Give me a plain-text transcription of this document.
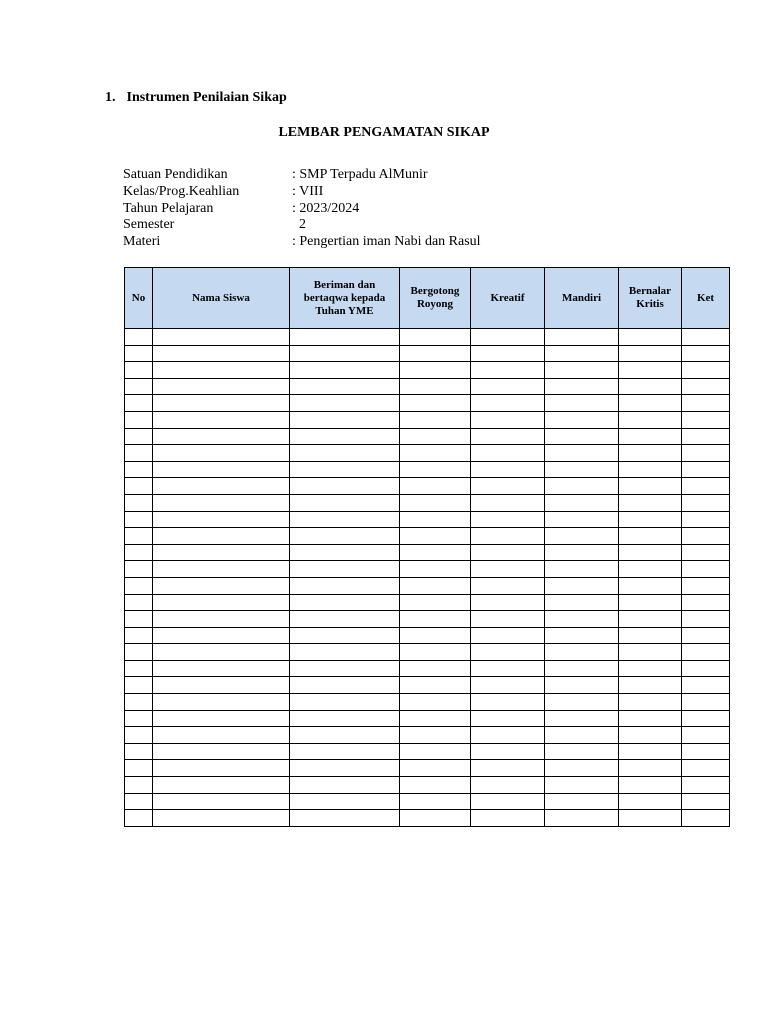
1. Instrumen Penilaian Sikap
LEMBAR PENGAMATAN SIKAP
Satuan Pendidikan	: SMP Terpadu AlMunir
Kelas/Prog.Keahlian	: VIII
Tahun Pelajaran	: 2023/2024
Semester	2
Materi	: Pengertian iman Nabi dan Rasul
No	Nama Siswa	Beriman dan bertaqwa kepada Tuhan YME	Bergotong Royong	Kreatif	Mandiri	Bernalar Kritis	Ket
